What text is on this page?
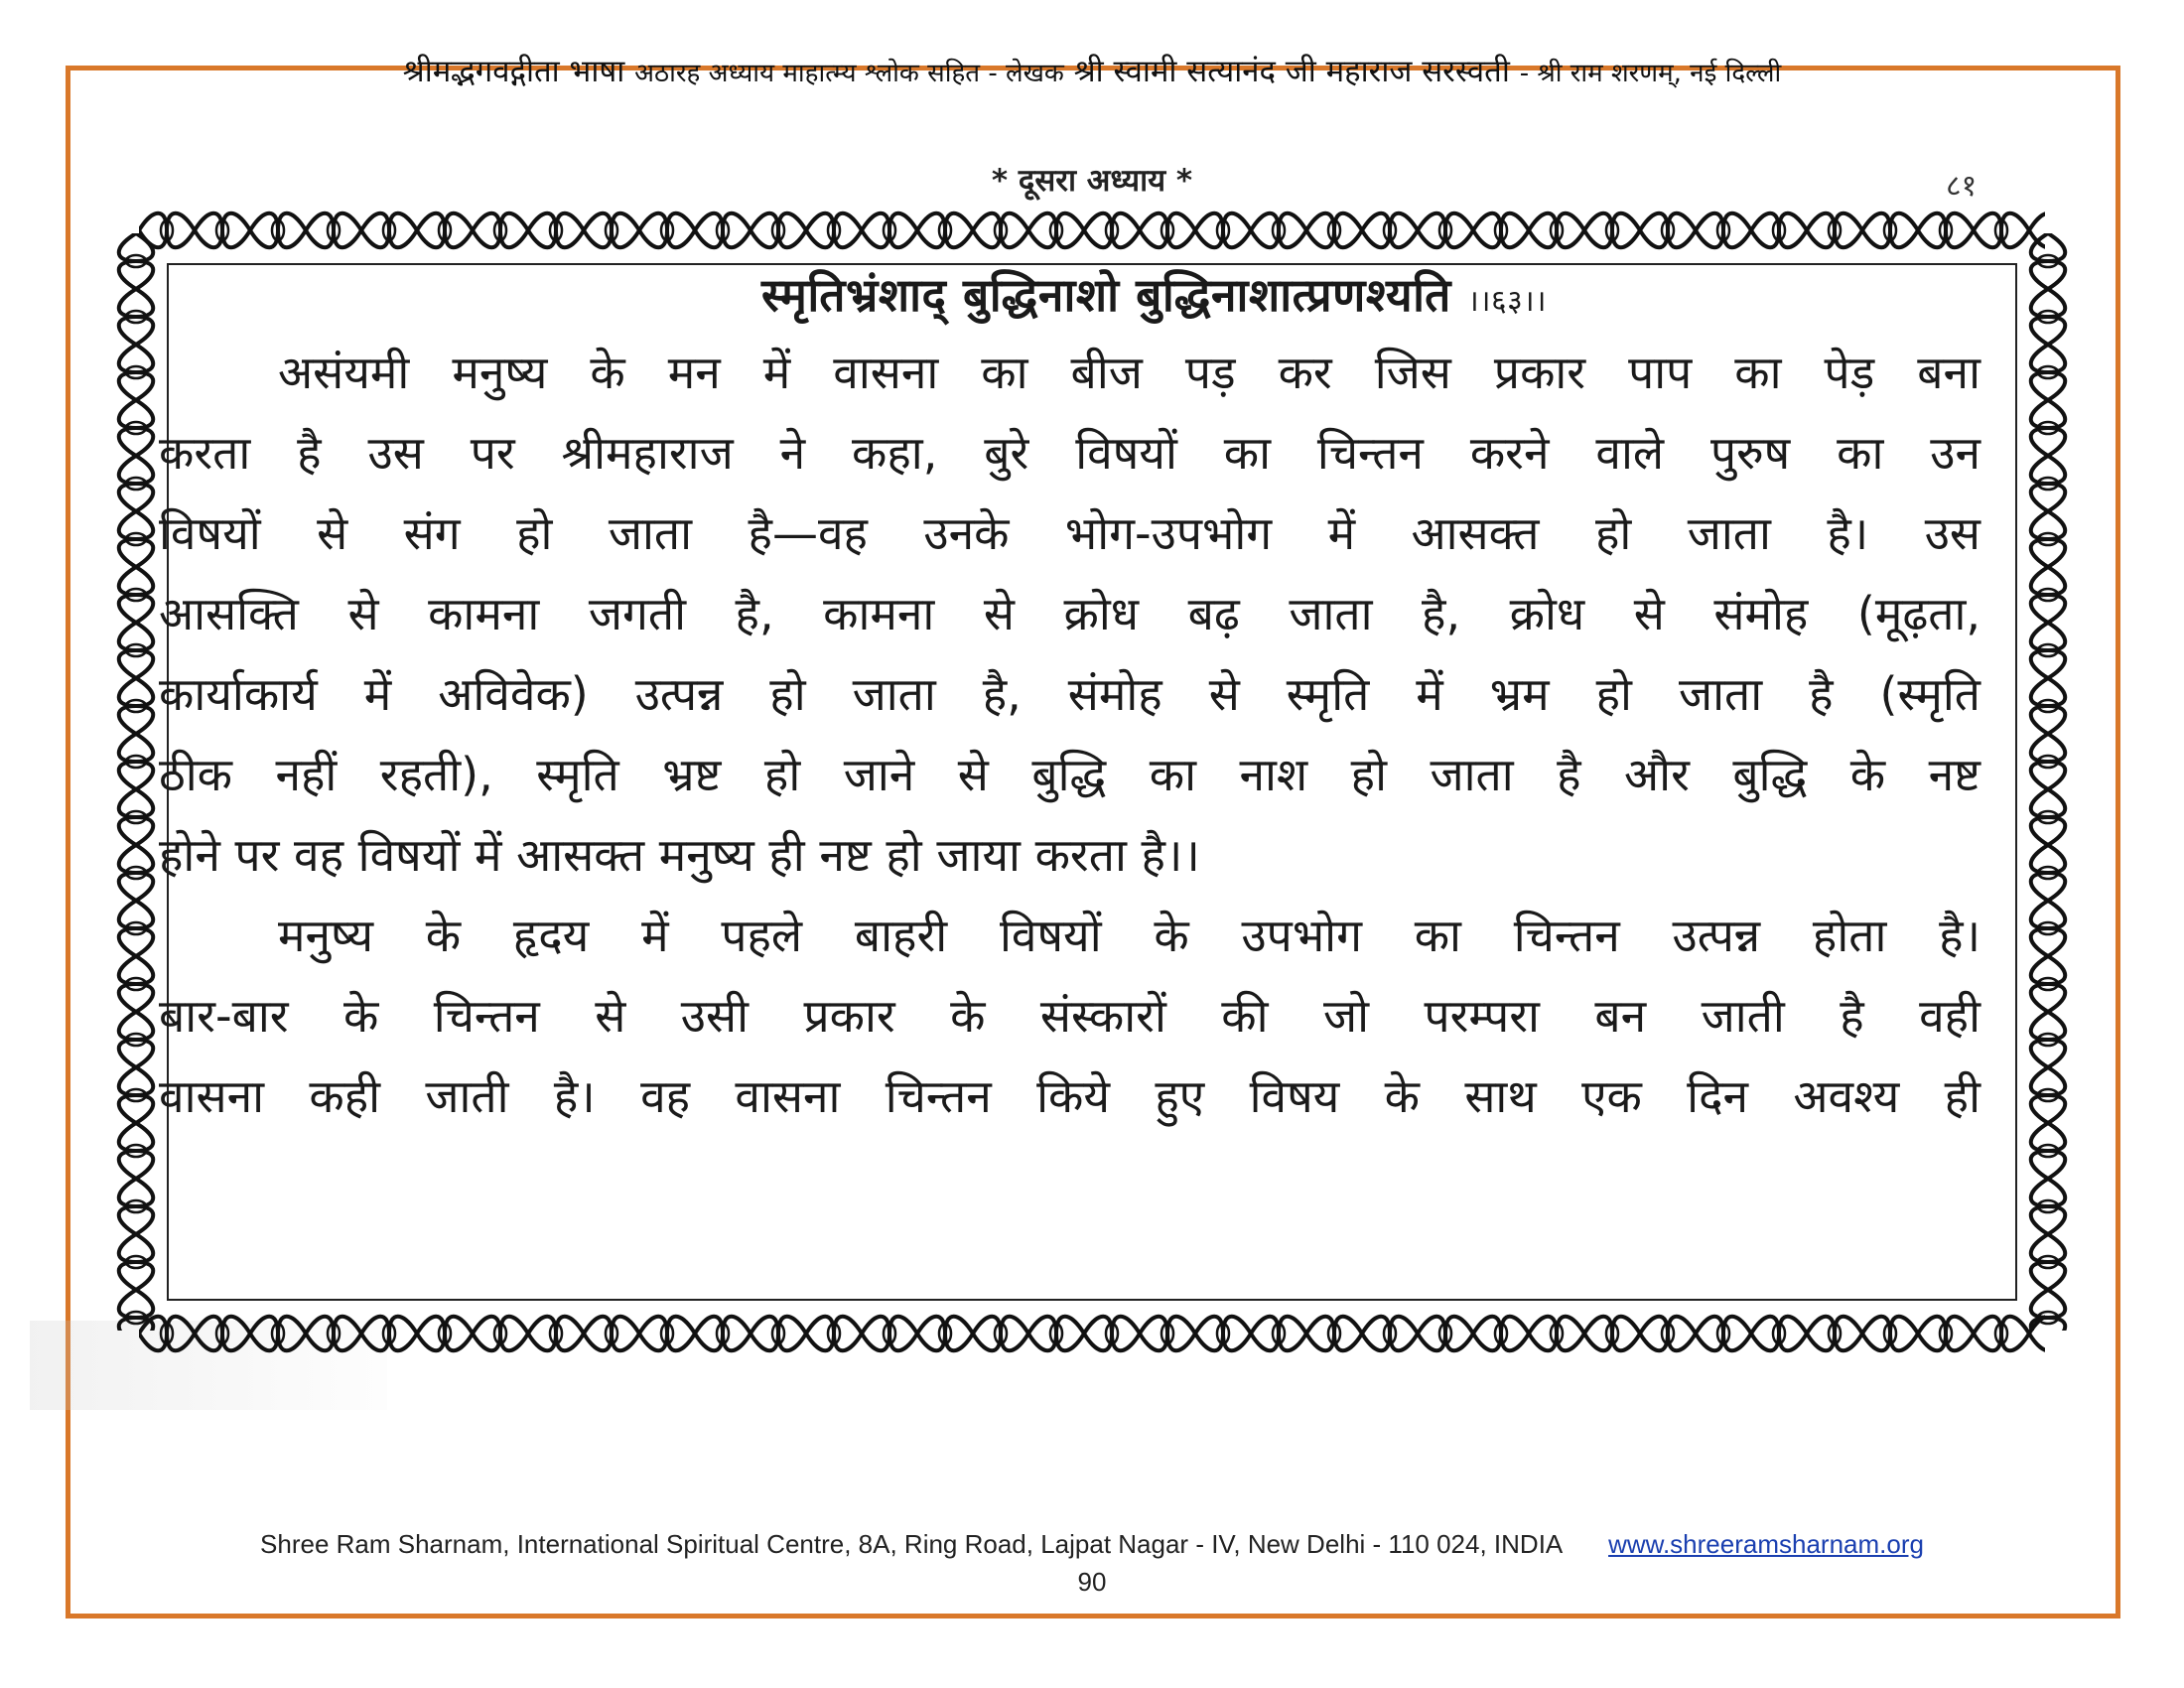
श्रीमद्भगवद्गीता भाषा अठारह अध्याय माहात्म्य श्लोक सहित - लेखक श्री स्वामी सत्यानंद जी महाराज सरस्वती - श्री राम शरणम्, नई दिल्ली
* दूसरा अध्याय *	८१
स्मृतिभ्रंशाद् बुद्धिनाशो बुद्धिनाशात्प्रणश्यति ।।६३।।

असंयमी मनुष्य के मन में वासना का बीज पड़ कर जिस प्रकार पाप का पेड़ बना
करता है उस पर श्रीमहाराज ने कहा, बुरे विषयों का चिन्तन करने वाले पुरुष का उन
विषयों से संग हो जाता है—वह उनके भोग-उपभोग में आसक्त हो जाता है। उस
आसक्ति से कामना जगती है, कामना से क्रोध बढ़ जाता है, क्रोध से संमोह (मूढ़ता,
कार्याकार्य में अविवेक) उत्पन्न हो जाता है, संमोह से स्मृति में भ्रम हो जाता है (स्मृति
ठीक नहीं रहती), स्मृति भ्रष्ट हो जाने से बुद्धि का नाश हो जाता है और बुद्धि के नष्ट
होने पर वह विषयों में आसक्त मनुष्य ही नष्ट हो जाया करता है।।

मनुष्य के हृदय में पहले बाहरी विषयों के उपभोग का चिन्तन उत्पन्न होता है।
बार-बार के चिन्तन से उसी प्रकार के संस्कारों की जो परम्परा बन जाती है वही
वासना कही जाती है। वह वासना चिन्तन किये हुए विषय के साथ एक दिन अवश्य ही

Shree Ram Sharnam, International Spiritual Centre, 8A, Ring Road, Lajpat Nagar - IV, New Delhi - 110 024, INDIA www.shreeramsharnam.org
90
